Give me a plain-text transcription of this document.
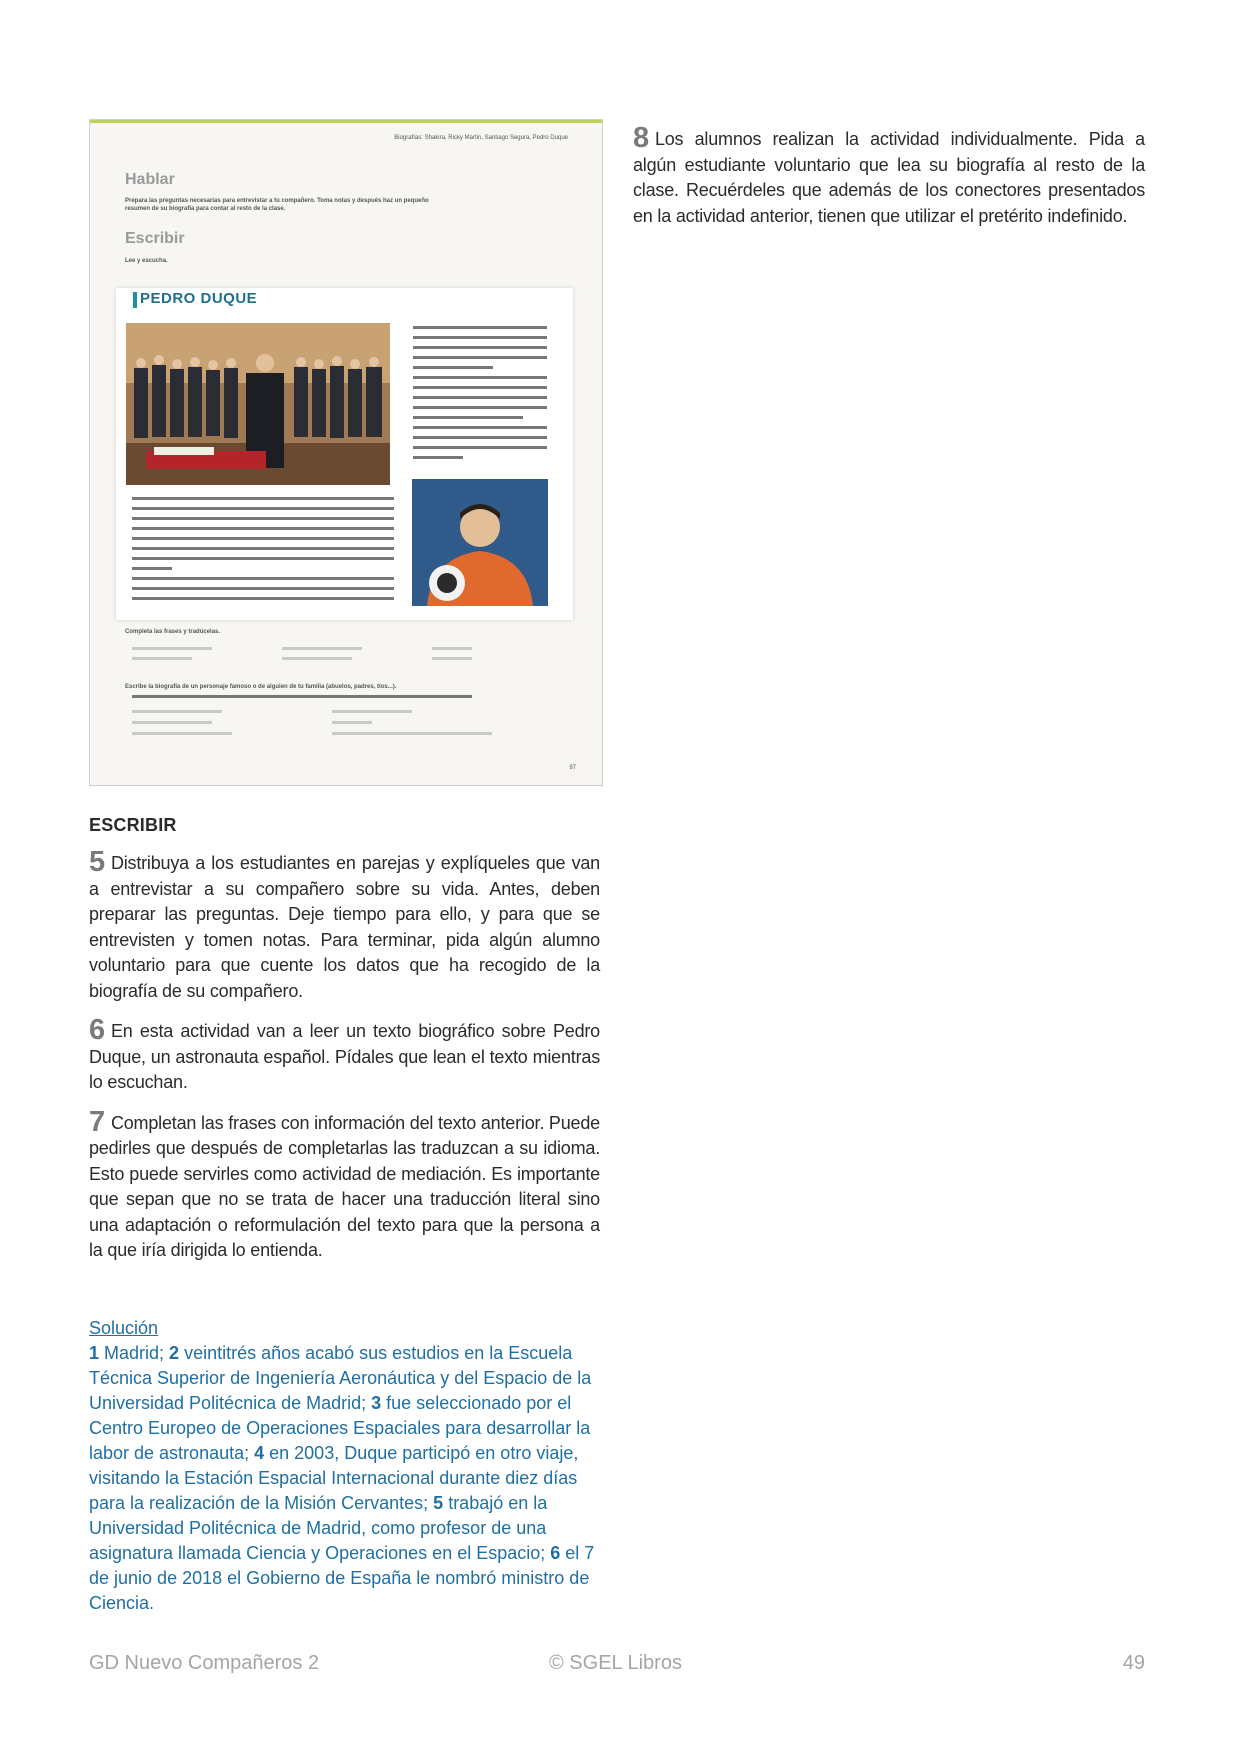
Biografías: Shakira, Ricky Martin, Santiago Segura, Pedro Duque
Hablar
Prepara las preguntas necesarias para entrevistar a tu compañero. Toma notas y después haz un pequeño resumen de su biografía para contar al resto de la clase.
Escribir
Lee y escucha.
PEDRO DUQUE
Completa las frases y tradúcelas.
Escribe la biografía de un personaje famoso o de alguien de tu familia (abuelos, padres, tíos...).
97

8 Los alumnos realizan la actividad individualmente. Pida a algún estudiante voluntario que lea su biografía al resto de la clase. Recuérdeles que además de los conectores presentados en la actividad anterior, tienen que utilizar el pretérito indefinido.

ESCRIBIR

5 Distribuya a los estudiantes en parejas y explíqueles que van a entrevistar a su compañero sobre su vida. Antes, deben preparar las preguntas. Deje tiempo para ello, y para que se entrevisten y tomen notas. Para terminar, pida algún alumno voluntario para que cuente los datos que ha recogido de la biografía de su compañero.

6 En esta actividad van a leer un texto biográfico sobre Pedro Duque, un astronauta español. Pídales que lean el texto mientras lo escuchan.

7 Completan las frases con información del texto anterior. Puede pedirles que después de completarlas las traduzcan a su idioma. Esto puede servirles como actividad de mediación. Es importante que sepan que no se trata de hacer una traducción literal sino una adaptación o reformulación del texto para que la persona a la que iría dirigida lo entienda.

Solución
1 Madrid; 2 veintitrés años acabó sus estudios en la Escuela Técnica Superior de Ingeniería Aeronáutica y del Espacio de la Universidad Politécnica de Madrid; 3 fue seleccionado por el Centro Europeo de Operaciones Espaciales para desarrollar la labor de astronauta; 4 en 2003, Duque participó en otro viaje, visitando la Estación Espacial Internacional durante diez días para la realización de la Misión Cervantes; 5 trabajó en la Universidad Politécnica de Madrid, como profesor de una asignatura llamada Ciencia y Operaciones en el Espacio; 6 el 7 de junio de 2018 el Gobierno de España le nombró ministro de Ciencia.
GD Nuevo Compañeros 2	© SGEL Libros	49
